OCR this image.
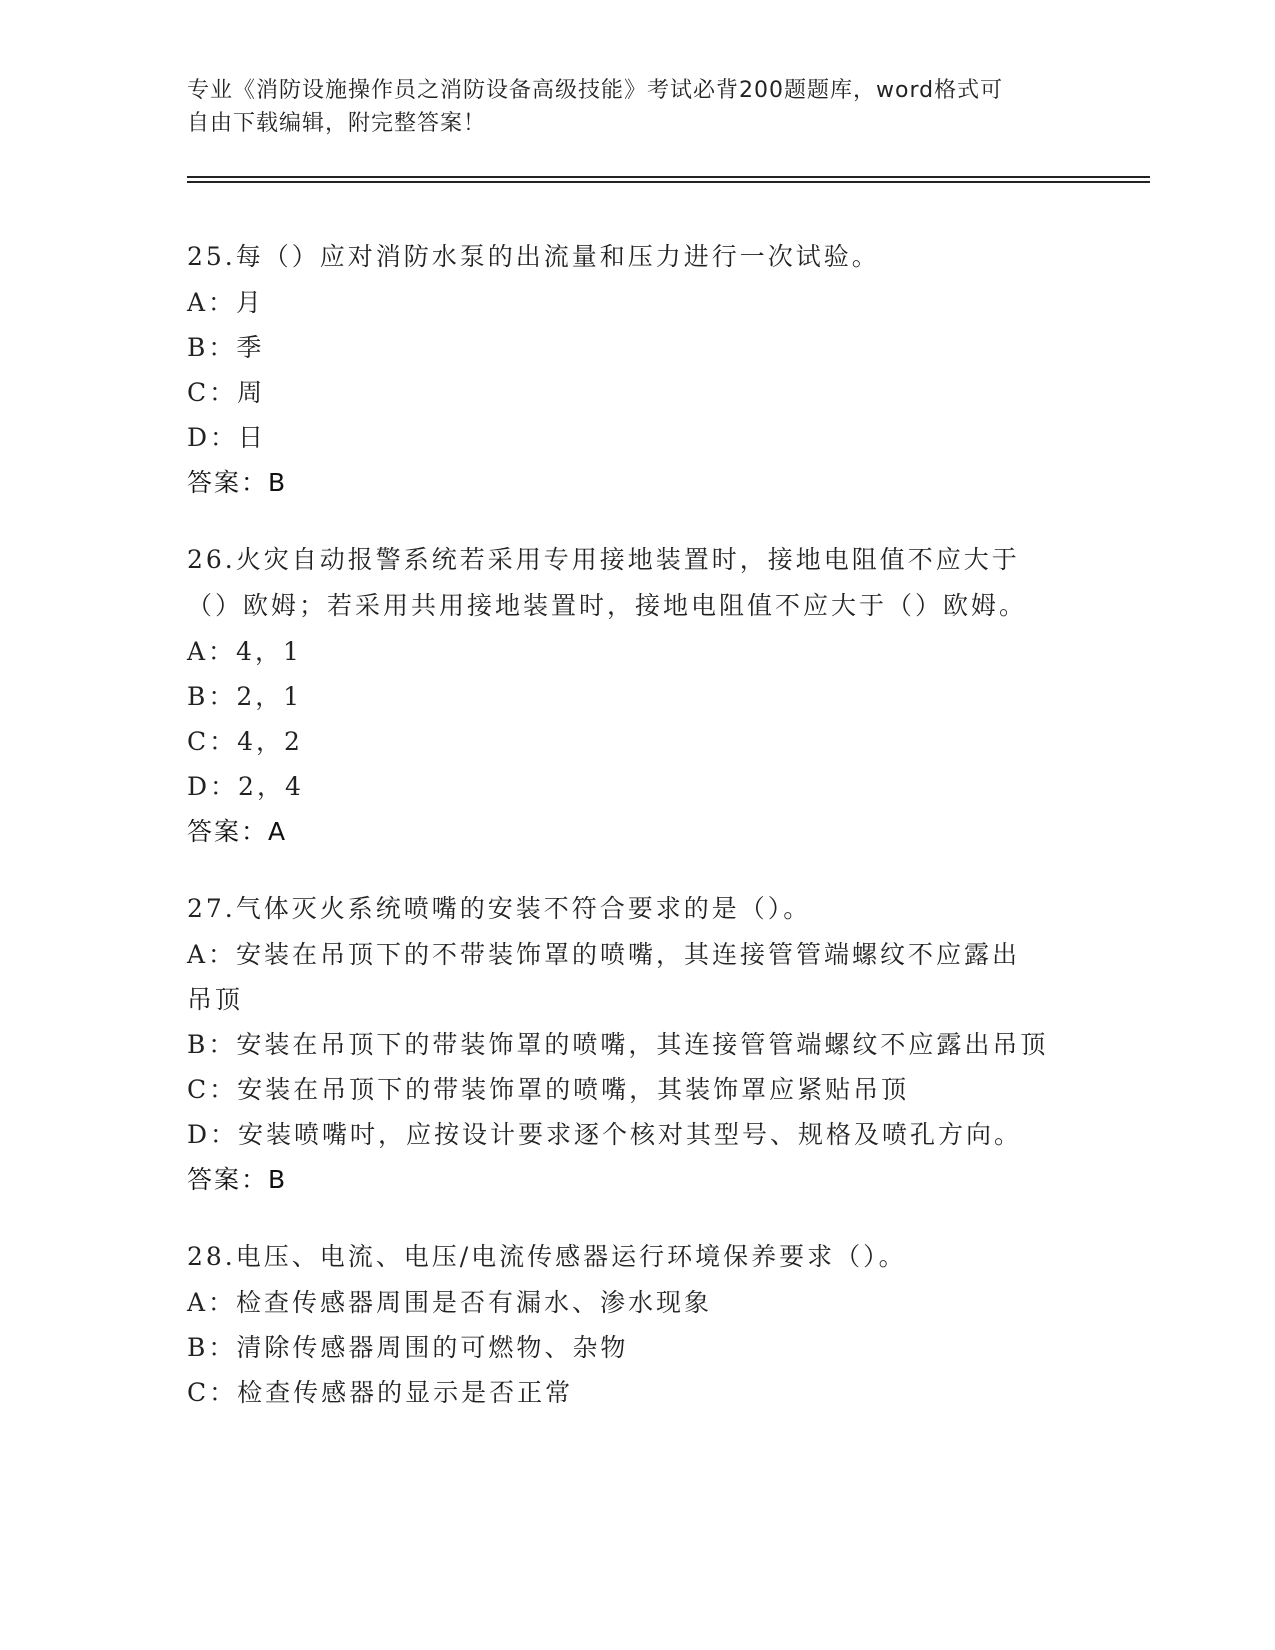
专业《消防设施操作员之消防设备高级技能》考试必背200题题库，word格式可
自由下载编辑，附完整答案！
25.每（）应对消防水泵的出流量和压力进行一次试验。
A：月
B：季
C：周
D：日
答案：B
26.火灾自动报警系统若采用专用接地装置时，接地电阻值不应大于（）欧姆；若采用共用接地装置时，接地电阻值不应大于（）欧姆。
A：4，1
B：2，1
C：4，2
D：2，4
答案：A
27.气体灭火系统喷嘴的安装不符合要求的是（）。
A：安装在吊顶下的不带装饰罩的喷嘴，其连接管管端螺纹不应露出吊顶
B：安装在吊顶下的带装饰罩的喷嘴，其连接管管端螺纹不应露出吊顶
C：安装在吊顶下的带装饰罩的喷嘴，其装饰罩应紧贴吊顶
D：安装喷嘴吋，应按设计要求逐个核对其型号、规格及喷孔方向。
答案：B
28.电压、电流、电压/电流传感器运行环境保养要求（）。
A：检查传感器周围是否有漏水、渗水现象
B：清除传感器周围的可燃物、杂物
C：检查传感器的显示是否正常
